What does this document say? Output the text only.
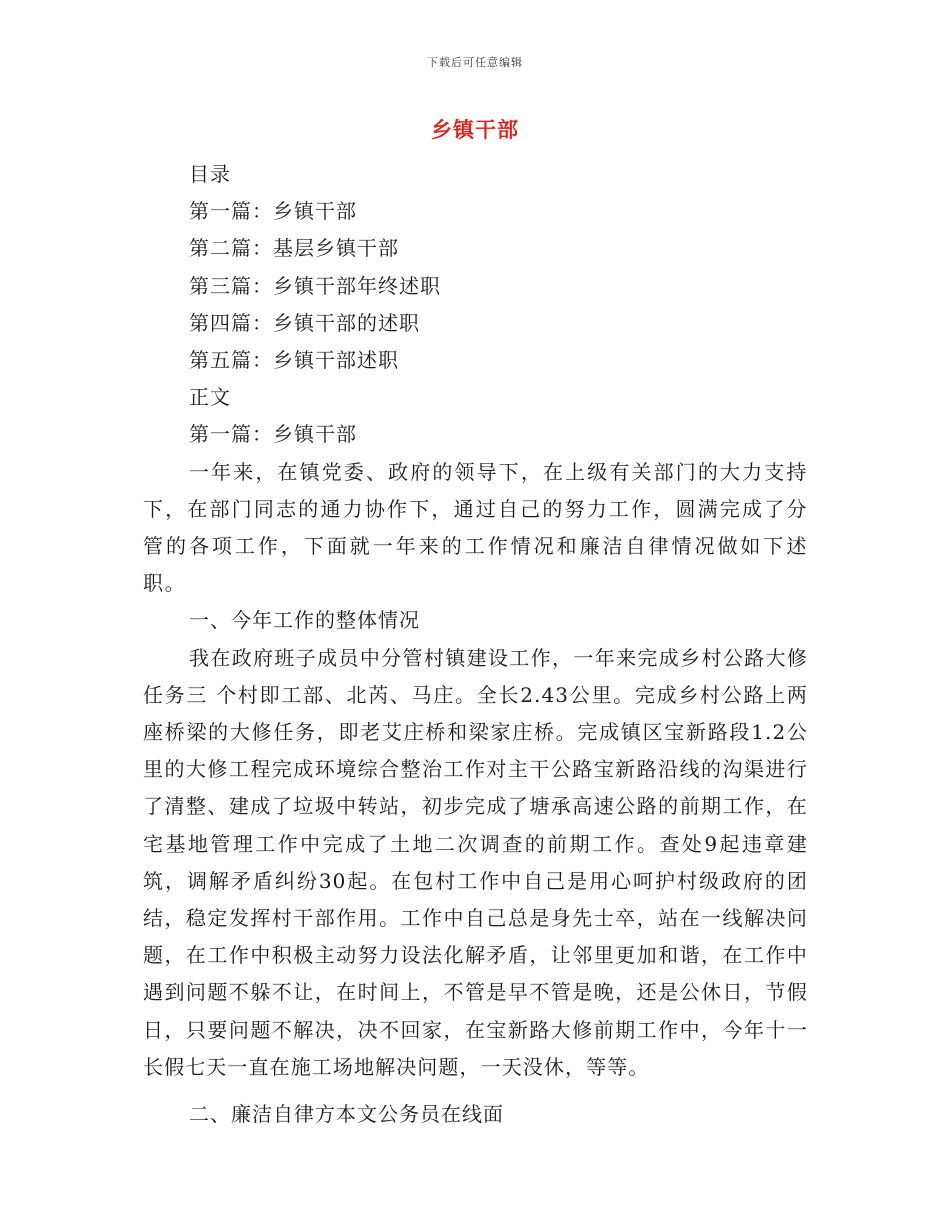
下载后可任意编辑
乡镇干部
目录
第一篇：乡镇干部
第二篇：基层乡镇干部
第三篇：乡镇干部年终述职
第四篇：乡镇干部的述职
第五篇：乡镇干部述职
正文
第一篇：乡镇干部

一年来，在镇党委、政府的领导下，在上级有关部门的大力支持下，在部门同志的通力协作下，通过自己的努力工作，圆满完成了分管的各项工作，下面就一年来的工作情况和廉洁自律情况做如下述职。

一、今年工作的整体情况

我在政府班子成员中分管村镇建设工作，一年来完成乡村公路大修任务三 个村即工部、北芮、马庄。全长2.43公里。完成乡村公路上两座桥梁的大修任务，即老艾庄桥和梁家庄桥。完成镇区宝新路段1.2公里的大修工程完成环境综合整治工作对主干公路宝新路沿线的沟渠进行了清整、建成了垃圾中转站，初步完成了塘承高速公路的前期工作，在宅基地管理工作中完成了土地二次调查的前期工作。查处9起违章建筑，调解矛盾纠纷30起。在包村工作中自己是用心呵护村级政府的团结，稳定发挥村干部作用。工作中自己总是身先士卒，站在一线解决问题，在工作中积极主动努力设法化解矛盾，让邻里更加和谐，在工作中遇到问题不躲不让，在时间上，不管是早不管是晚，还是公休日，节假日，只要问题不解决，决不回家，在宝新路大修前期工作中，今年十一长假七天一直在施工场地解决问题，一天没休，等等。

二、廉洁自律方本文公务员在线面
